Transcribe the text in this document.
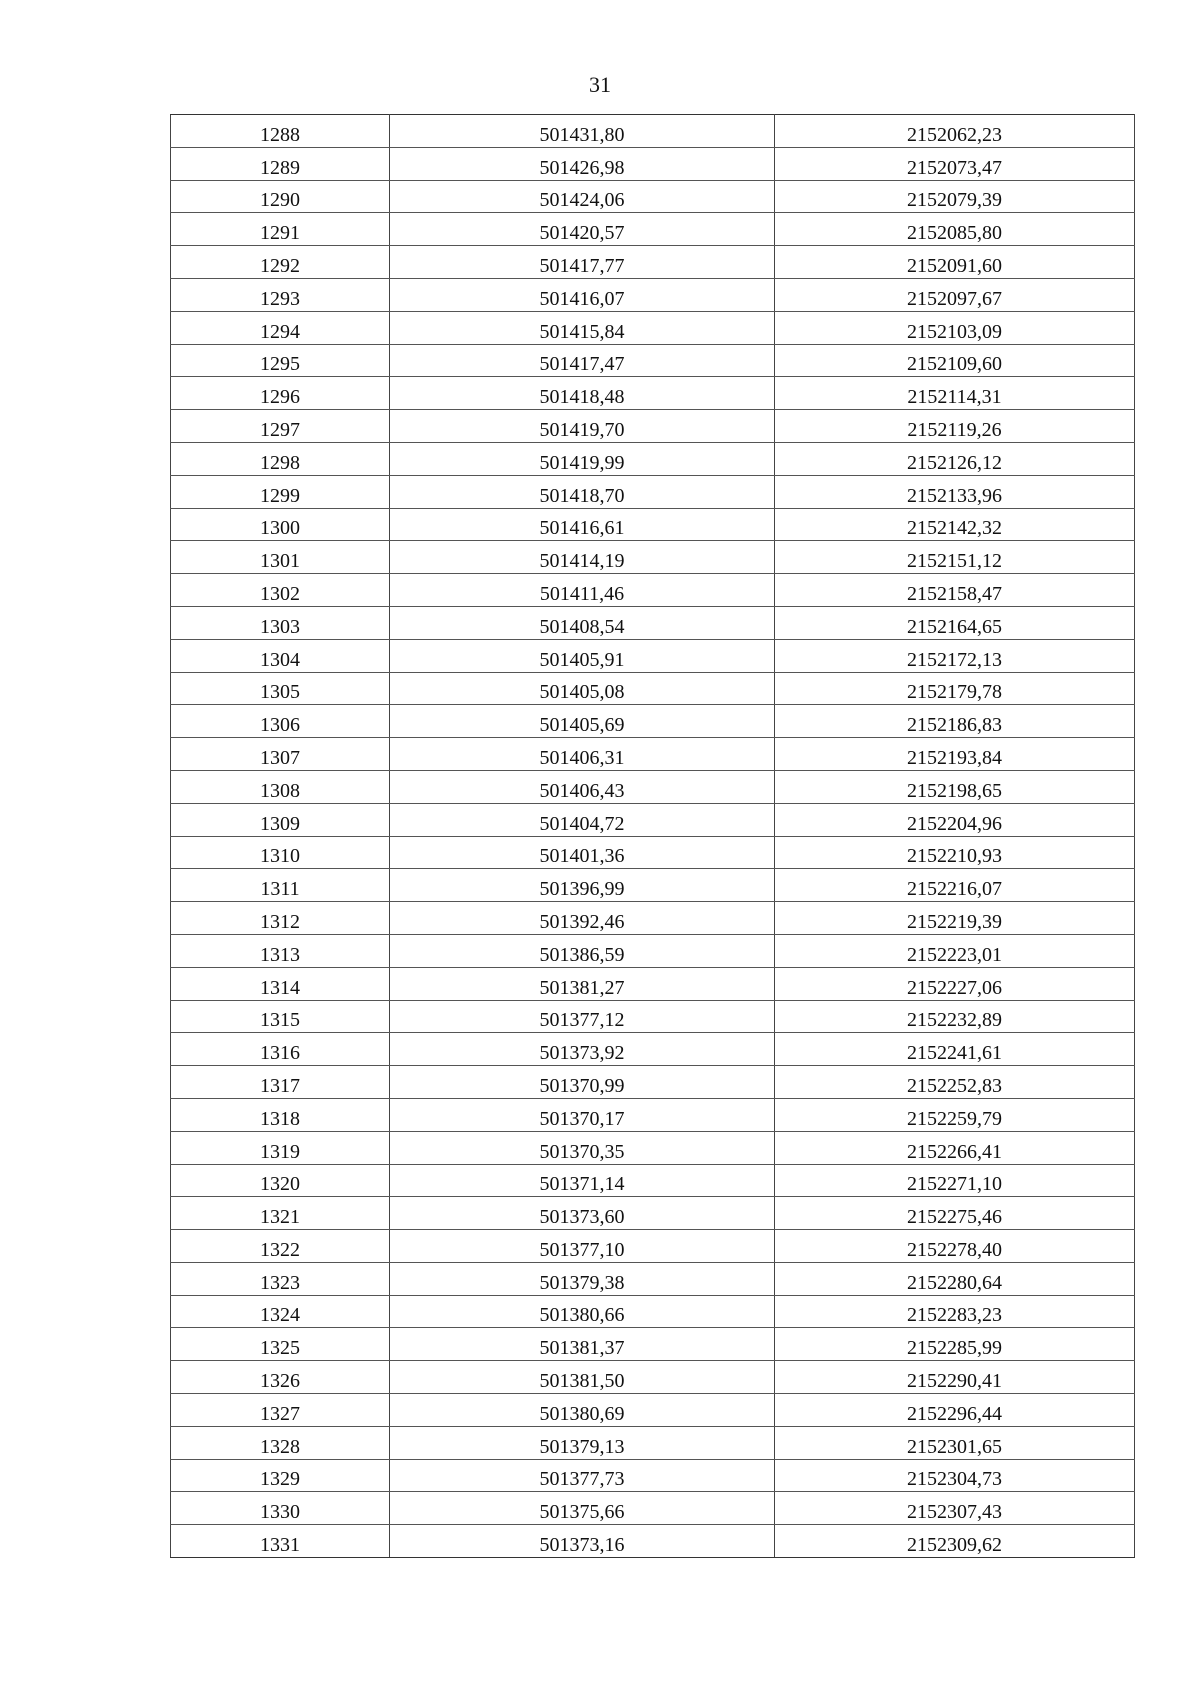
31
1288	501431,80	2152062,23
1289	501426,98	2152073,47
1290	501424,06	2152079,39
1291	501420,57	2152085,80
1292	501417,77	2152091,60
1293	501416,07	2152097,67
1294	501415,84	2152103,09
1295	501417,47	2152109,60
1296	501418,48	2152114,31
1297	501419,70	2152119,26
1298	501419,99	2152126,12
1299	501418,70	2152133,96
1300	501416,61	2152142,32
1301	501414,19	2152151,12
1302	501411,46	2152158,47
1303	501408,54	2152164,65
1304	501405,91	2152172,13
1305	501405,08	2152179,78
1306	501405,69	2152186,83
1307	501406,31	2152193,84
1308	501406,43	2152198,65
1309	501404,72	2152204,96
1310	501401,36	2152210,93
1311	501396,99	2152216,07
1312	501392,46	2152219,39
1313	501386,59	2152223,01
1314	501381,27	2152227,06
1315	501377,12	2152232,89
1316	501373,92	2152241,61
1317	501370,99	2152252,83
1318	501370,17	2152259,79
1319	501370,35	2152266,41
1320	501371,14	2152271,10
1321	501373,60	2152275,46
1322	501377,10	2152278,40
1323	501379,38	2152280,64
1324	501380,66	2152283,23
1325	501381,37	2152285,99
1326	501381,50	2152290,41
1327	501380,69	2152296,44
1328	501379,13	2152301,65
1329	501377,73	2152304,73
1330	501375,66	2152307,43
1331	501373,16	2152309,62
